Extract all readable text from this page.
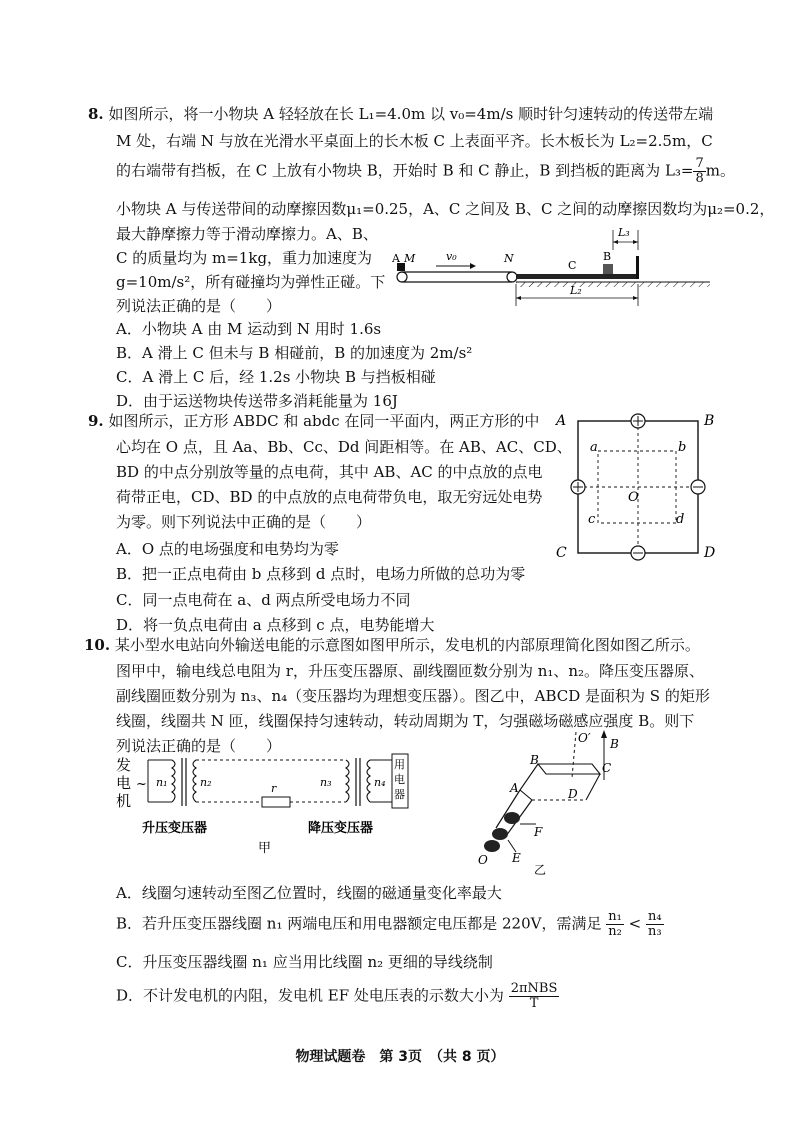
8. 如图所示，将一小物块 A 轻轻放在长 L₁=4.0m 以 v₀=4m/s 顺时针匀速转动的传送带左端
M 处，右端 N 与放在光滑水平桌面上的长木板 C 上表面平齐。长木板长为 L₂=2.5m，C
的右端带有挡板，在 C 上放有小物块 B，开始时 B 和 C 静止，B 到挡板的距离为 $L_3= \frac{7}{8}$ m。
小物块 A 与传送带间的动摩擦因数μ₁=0.25，A、C 之间及 B、C 之间的动摩擦因数均为μ₂=0.2，
最大静摩擦力等于滑动摩擦力。A、B、
C 的质量均为 m=1kg，重力加速度为
g=10m/s²，所有碰撞均为弹性正碰。下
列说法正确的是（　　）
A．小物块 A 由 M 运动到 N 用时 1.6s
B．A 滑上 C 但未与 B 相碰前，B 的加速度为 2m/s²
C．A 滑上 C 后，经 1.2s 小物块 B 与挡板相碰
D．由于运送物块传送带多消耗能量为 16J
A M	v₀	N
C
B
L₃
L₂
9. 如图所示，正方形 ABDC 和 abdc 在同一平面内，两正方形的中
心均在 O 点，且 Aa、Bb、Cc、Dd 间距相等。在 AB、AC、CD、
BD 的中点分别放等量的点电荷，其中 AB、AC 的中点放的点电
荷带正电，CD、BD 的中点放的点电荷带负电，取无穷远处电势
为零。则下列说法中正确的是（　　）
A．O 点的电场强度和电势均为零
B．把一正点电荷由 b 点移到 d 点时，电场力所做的总功为零
C．同一点电荷在 a、d 两点所受电场力不同
D．将一负点电荷由 a 点移到 c 点，电势能增大
A	B
C	D
a	b
c	d
O
10. 某小型水电站向外输送电能的示意图如图甲所示，发电机的内部原理简化图如图乙所示。
图甲中，输电线总电阻为 r，升压变压器原、副线圈匝数分别为 n₁、n₂。降压变压器原、
副线圈匝数分别为 n₃、n₄（变压器均为理想变压器）。图乙中，ABCD 是面积为 S 的矩形
线圈，线圈共 N 匝，线圈保持匀速转动，转动周期为 T，匀强磁场磁感应强度 B。则下
列说法正确的是（　　）
发
电
机
~ n₁	n₂	r	n₃	n₄
用
电
器
升压变压器	降压变压器
甲
O′ B
B
C
A	D
F
E
O
乙
A．线圈匀速转动至图乙位置时，线圈的磁通量变化率最大
B．若升压变压器线圈 n₁ 两端电压和用电器额定电压都是 220V，需满足 $\frac{\text{n₁}}{\text{n₂}} < \frac{\text{n₄}}{\text{n₃}}$
C．升压变压器线圈 n₁ 应当用比线圈 n₂ 更细的导线绕制
D．不计发电机的内阻，发电机 EF 处电压表的示数大小为 $\frac{\text{2πNBS}}{T}$
物理试题卷　第 3页　（共 8 页）
